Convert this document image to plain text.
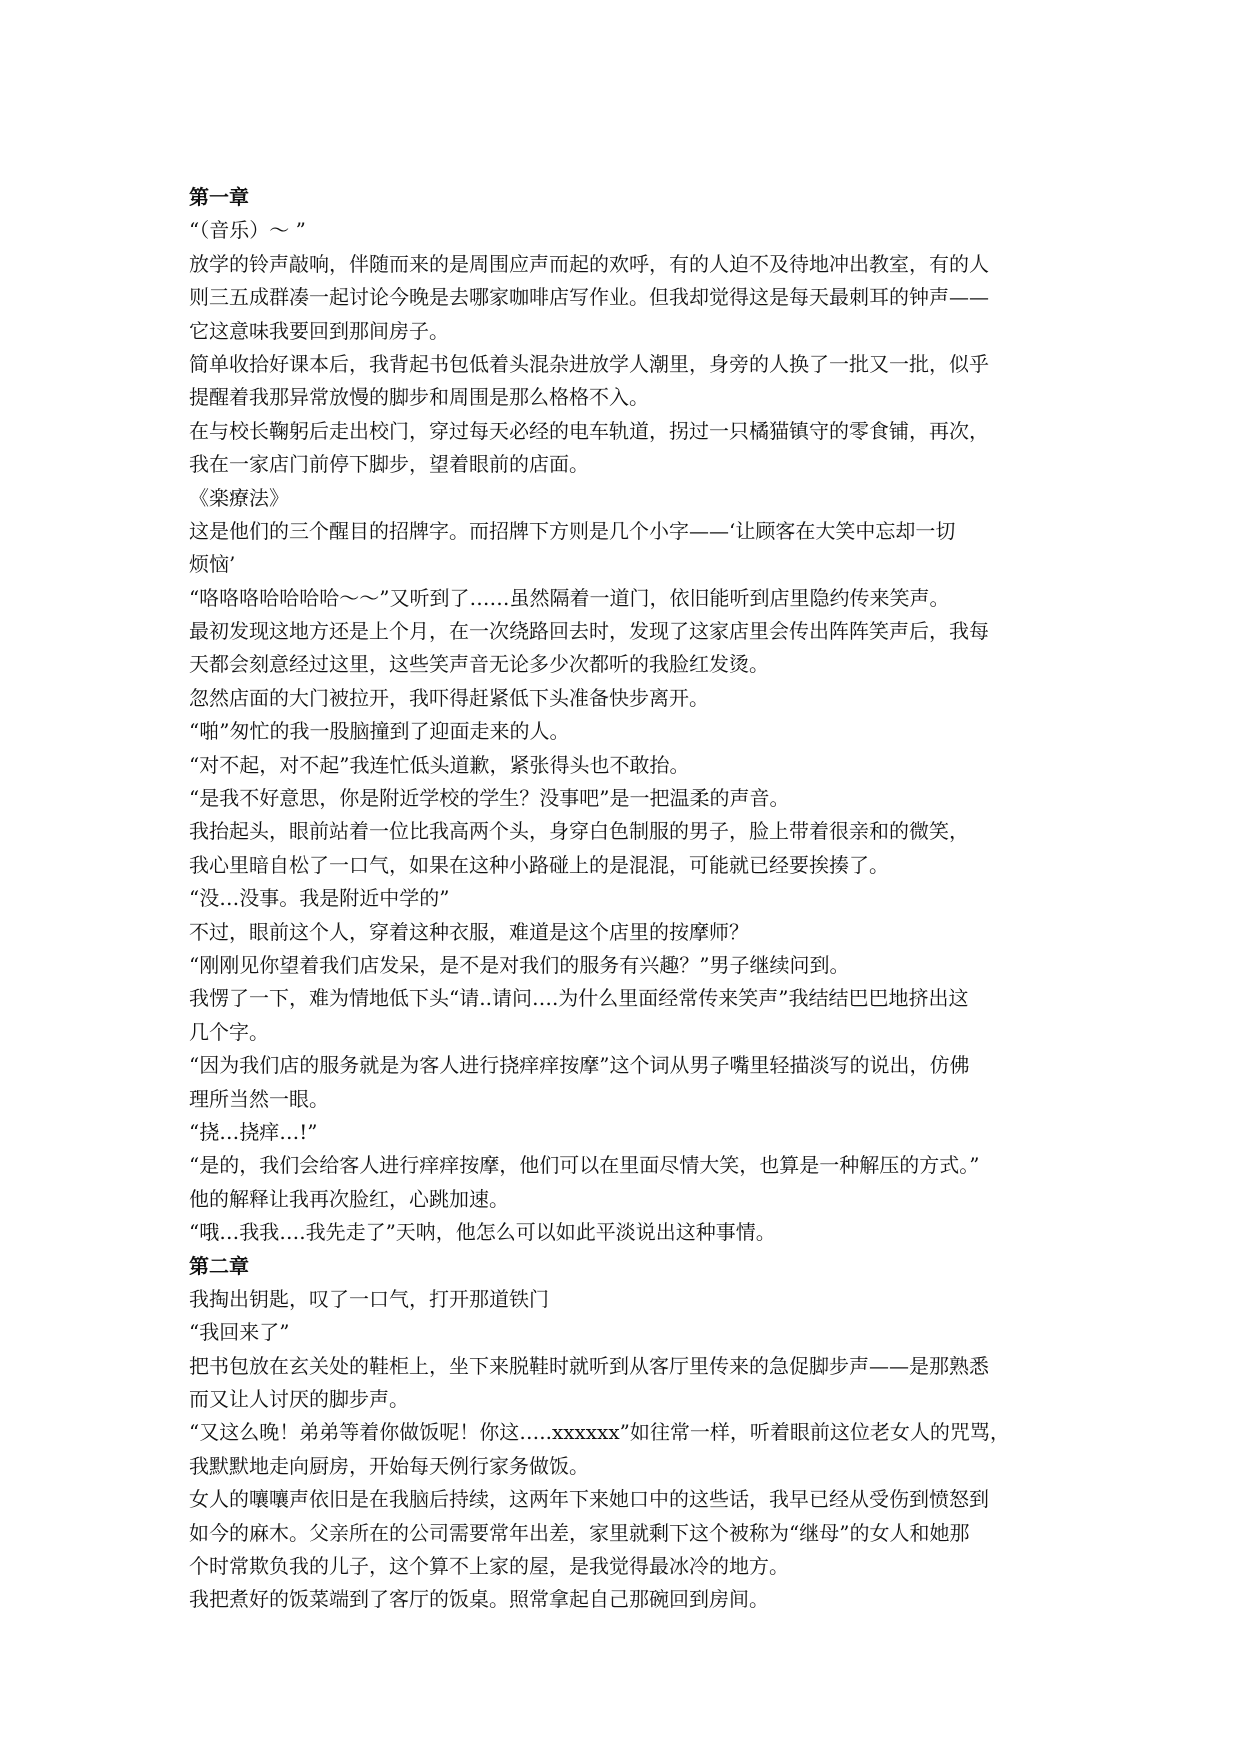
第一章
“（音乐）～ ”
放学的铃声敲响，伴随而来的是周围应声而起的欢呼，有的人迫不及待地冲出教室，有的人
则三五成群凑一起讨论今晚是去哪家咖啡店写作业。但我却觉得这是每天最刺耳的钟声——
它这意味我要回到那间房子。
简单收拾好课本后，我背起书包低着头混杂进放学人潮里，身旁的人换了一批又一批，似乎
提醒着我那异常放慢的脚步和周围是那么格格不入。
在与校长鞠躬后走出校门，穿过每天必经的电车轨道，拐过一只橘猫镇守的零食铺，再次，
我在一家店门前停下脚步，望着眼前的店面。
《楽療法》
这是他们的三个醒目的招牌字。而招牌下方则是几个小字——‘让顾客在大笑中忘却一切
烦恼’
“咯咯咯哈哈哈哈～～”又听到了……虽然隔着一道门，依旧能听到店里隐约传来笑声。
最初发现这地方还是上个月，在一次绕路回去时，发现了这家店里会传出阵阵笑声后，我每
天都会刻意经过这里，这些笑声音无论多少次都听的我脸红发烫。
忽然店面的大门被拉开，我吓得赶紧低下头准备快步离开。
“啪”匆忙的我一股脑撞到了迎面走来的人。
“对不起，对不起”我连忙低头道歉，紧张得头也不敢抬。
“是我不好意思，你是附近学校的学生？没事吧”是一把温柔的声音。
我抬起头，眼前站着一位比我高两个头，身穿白色制服的男子，脸上带着很亲和的微笑，
我心里暗自松了一口气，如果在这种小路碰上的是混混，可能就已经要挨揍了。
“没…没事。我是附近中学的”
不过，眼前这个人，穿着这种衣服，难道是这个店里的按摩师？
“刚刚见你望着我们店发呆，是不是对我们的服务有兴趣？”男子继续问到。
我愣了一下，难为情地低下头“请..请问….为什么里面经常传来笑声”我结结巴巴地挤出这
几个字。
“因为我们店的服务就是为客人进行挠痒痒按摩”这个词从男子嘴里轻描淡写的说出，仿佛
理所当然一眼。
“挠…挠痒…!”
“是的，我们会给客人进行痒痒按摩，他们可以在里面尽情大笑，也算是一种解压的方式。”
他的解释让我再次脸红，心跳加速。
“哦…我我….我先走了”天呐，他怎么可以如此平淡说出这种事情。
第二章
我掏出钥匙，叹了一口气，打开那道铁门
“我回来了”
把书包放在玄关处的鞋柜上，坐下来脱鞋时就听到从客厅里传来的急促脚步声——是那熟悉
而又让人讨厌的脚步声。
“又这么晚！弟弟等着你做饭呢！你这…..xxxxxx”如往常一样，听着眼前这位老女人的咒骂，
我默默地走向厨房，开始每天例行家务做饭。
女人的嚷嚷声依旧是在我脑后持续，这两年下来她口中的这些话，我早已经从受伤到愤怒到
如今的麻木。父亲所在的公司需要常年出差，家里就剩下这个被称为“继母”的女人和她那
个时常欺负我的儿子，这个算不上家的屋，是我觉得最冰冷的地方。
我把煮好的饭菜端到了客厅的饭桌。照常拿起自己那碗回到房间。
